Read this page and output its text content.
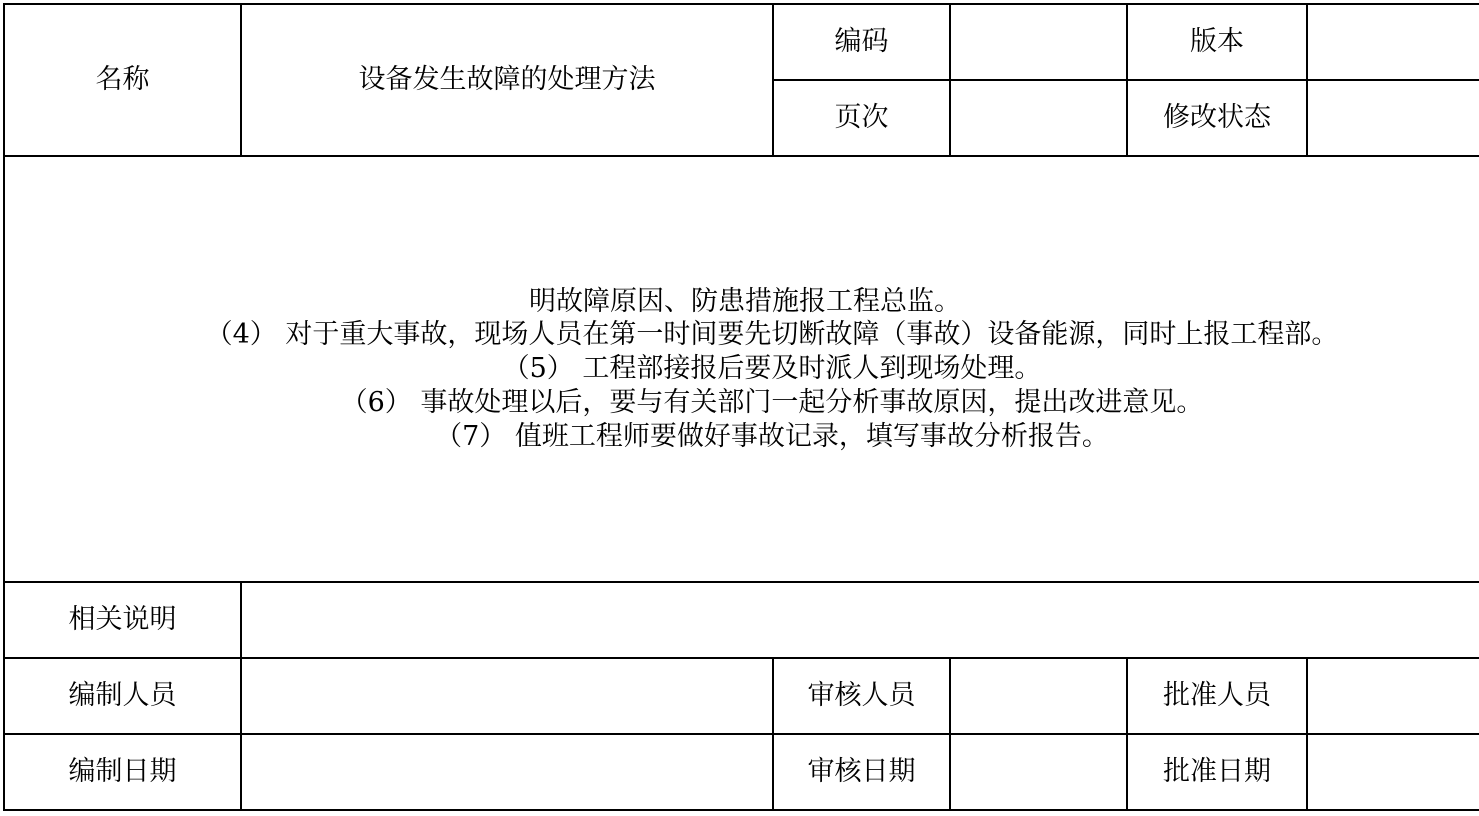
名称	设备发生故障的处理方法	编码		版本	
		页次		修改状态	

明故障原因、防患措施报工程总监。

（4） 对于重大事故，现场人员在第一时间要先切断故障（事故）设备能源，同时上报工程部。

（5） 工程部接报后要及时派人到现场处理。

（6） 事故处理以后，要与有关部门一起分析事故原因，提出改进意见。

（7） 值班工程师要做好事故记录，填写事故分析报告。					

相关说明					
编制人员		审核人员		批准人员	
编制日期		审核日期		批准日期	
